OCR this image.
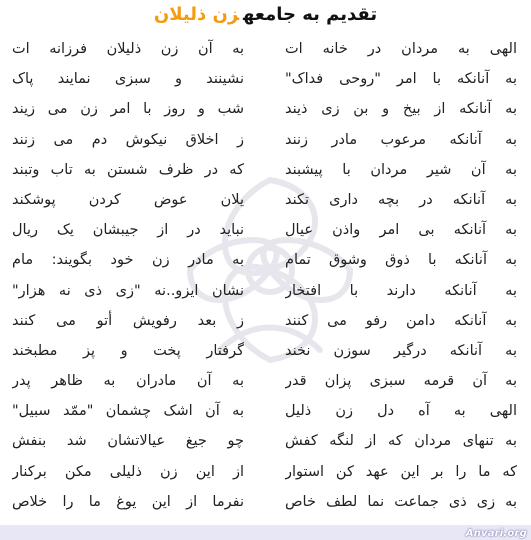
تقدیم به جامعهزن ذلیلان
الهی به مردان در خانه ات
به آنانکه با امر "روحی فداک"
به آنانکه از بیخ و بن زی ذیند
به آنانکه مرعوب مادر زنند
به آن شیر مردان با پیشبند
به آنانکه در بچه داری تکند
به آنانکه بی امر واذن عیال
به آنانکه با ذوق وشوق تمام
به آنانکه دارند با افتخار
به آنانکه دامن رفو می کنند
به آنانکه درگیر سوزن نخند
به آن قرمه سبزی پزان قدر
الهی به آه دل زن ذلیل
به تنهای مردان که از لنگه کفش
که ما را بر این عهد کن استوار
به زی ذی جماعت نما لطف خاص
به آن زن ذلیلان فرزانه ات
نشینند و سبزی نمایند پاک
شب و روز با امر زن می زیند
ز اخلاق نیکوش دم می زنند
که در ظرف شستن به تاب وتبند
یلان عوض کردن پوشکند
نباید در از جیبشان یک ریال
به مادر زن خود بگویند: مام
نشان ایزو..نه "زی ذی نه هزار"
ز بعد رفویش أتو می کنند
گرفتار پخت و پز مطبخند
به آن مادران به ظاهر پدر
به آن اشک چشمان "ممّد سبیل"
چو جیغ عیالاتشان شد بنفش
از این زن ذلیلی مکن برکنار
نفرما از این یوغ ما را خلاص
Anvari.org
